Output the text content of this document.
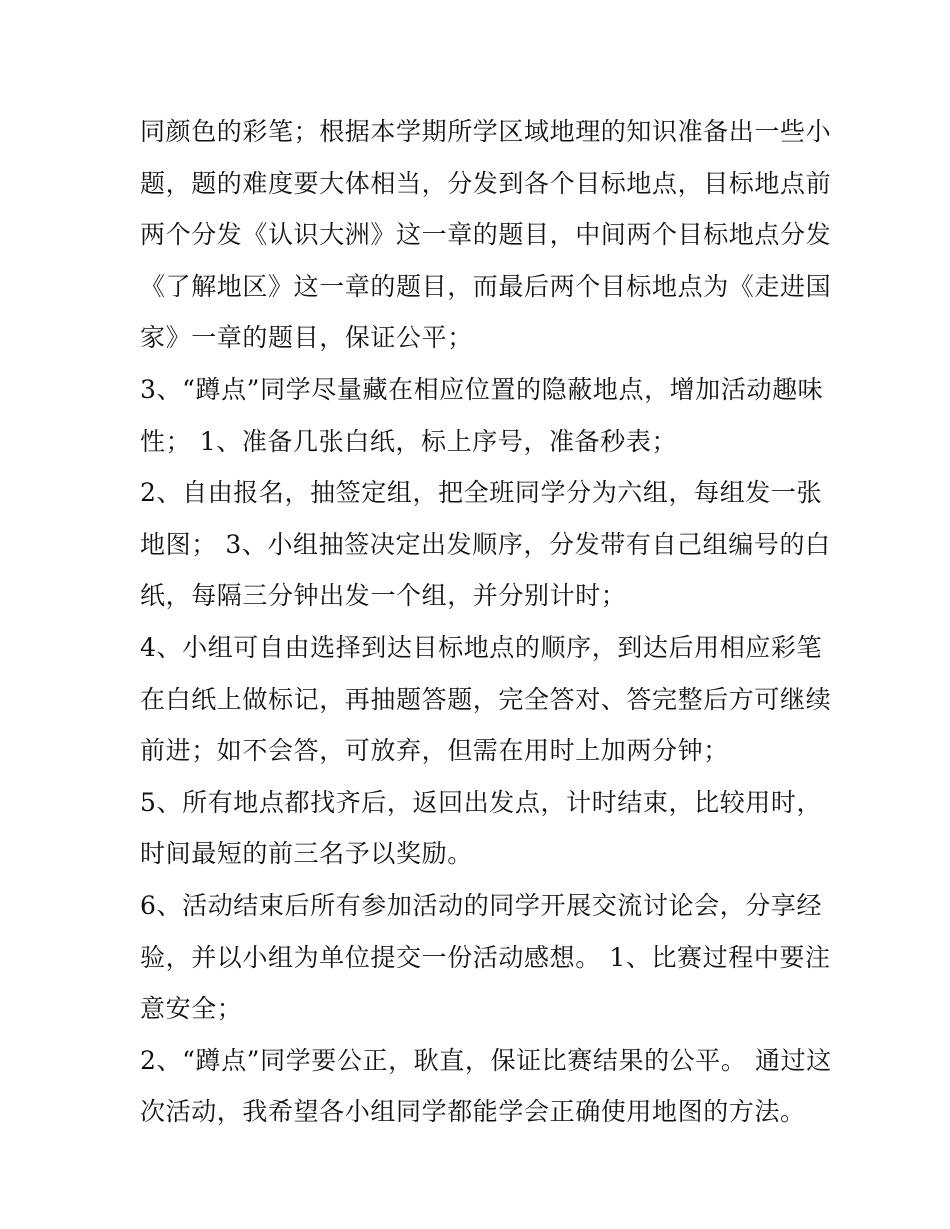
同颜色的彩笔；根据本学期所学区域地理的知识准备出一些小
题，题的难度要大体相当，分发到各个目标地点，目标地点前
两个分发《认识大洲》这一章的题目，中间两个目标地点分发
《了解地区》这一章的题目，而最后两个目标地点为《走进国
家》一章的题目，保证公平；
3、“蹲点”同学尽量藏在相应位置的隐蔽地点，增加活动趣味
性； 1、准备几张白纸，标上序号，准备秒表；
2、自由报名，抽签定组，把全班同学分为六组，每组发一张
地图； 3、小组抽签决定出发顺序，分发带有自己组编号的白
纸，每隔三分钟出发一个组，并分别计时；
4、小组可自由选择到达目标地点的顺序，到达后用相应彩笔
在白纸上做标记，再抽题答题，完全答对、答完整后方可继续
前进；如不会答，可放弃，但需在用时上加两分钟；
5、所有地点都找齐后，返回出发点，计时结束，比较用时，
时间最短的前三名予以奖励。
6、活动结束后所有参加活动的同学开展交流讨论会，分享经
验，并以小组为单位提交一份活动感想。 1、比赛过程中要注
意安全；
2、“蹲点”同学要公正，耿直，保证比赛结果的公平。 通过这
次活动，我希望各小组同学都能学会正确使用地图的方法。
